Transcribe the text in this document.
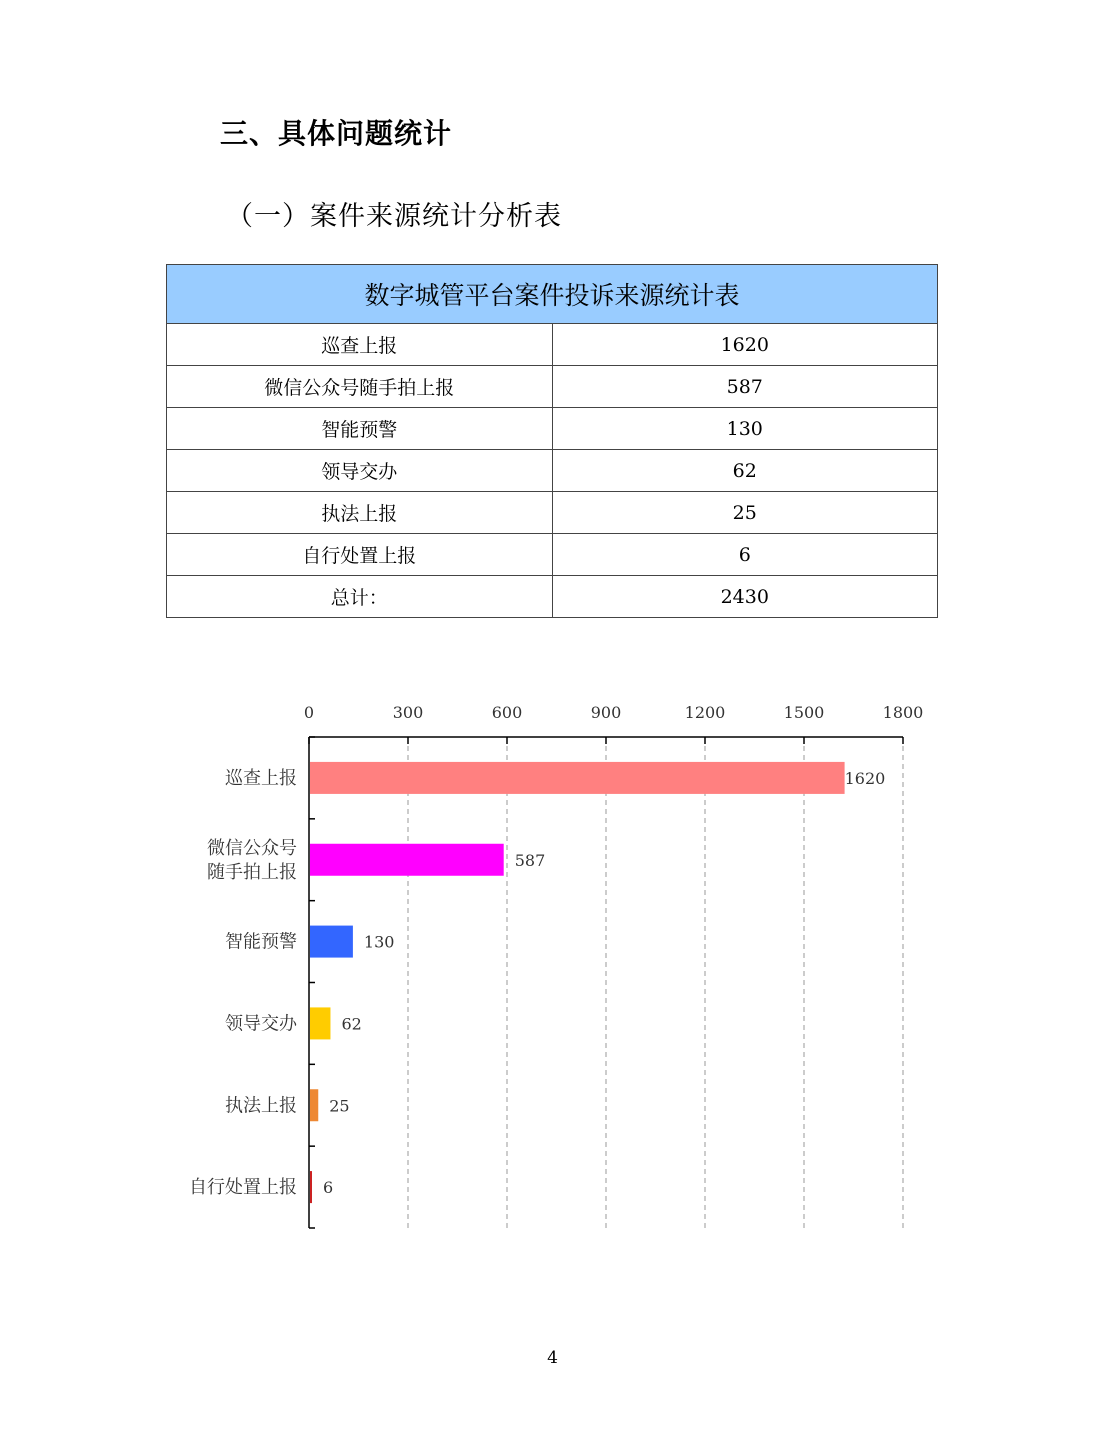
三、具体问题统计
（一）案件来源统计分析表
数字城管平台案件投诉来源统计表	
巡查上报	1620
微信公众号随手拍上报	587
智能预警	130
领导交办	62
执法上报	25
自行处置上报	6
总计：	2430
0	300	600	900	1200	1500	1800
1620
巡查上报
587
微信公众号随手拍上报
130
智能预警
62
领导交办
25
执法上报
6
自行处置上报
4
